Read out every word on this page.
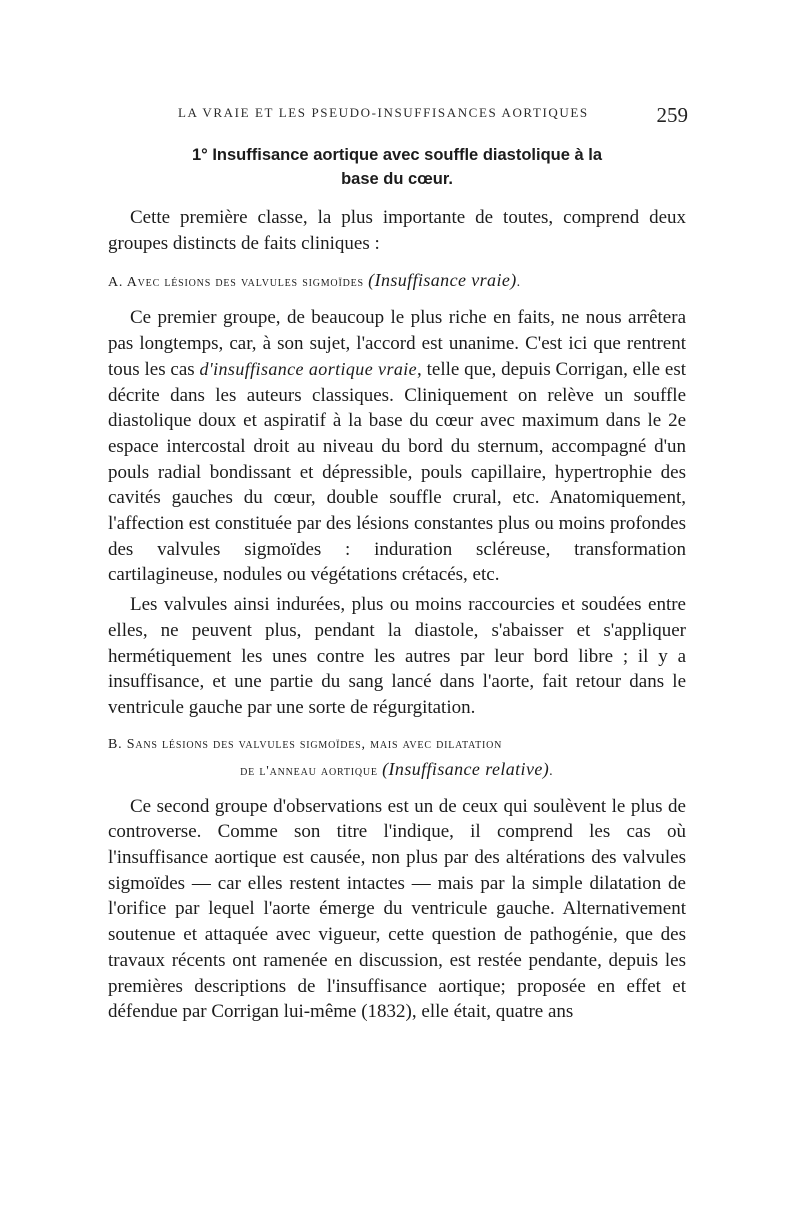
LA VRAIE ET LES PSEUDO-INSUFFISANCES AORTIQUES	259
1° Insuffisance aortique avec souffle diastolique à la
base du cœur.

Cette première classe, la plus importante de toutes, comprend deux groupes distincts de faits cliniques :

A. Avec lésions des valvules sigmoïdes (Insuffisance vraie).

Ce premier groupe, de beaucoup le plus riche en faits, ne nous arrêtera pas longtemps, car, à son sujet, l'accord est unanime. C'est ici que rentrent tous les cas d'insuffisance aortique vraie, telle que, depuis Corrigan, elle est décrite dans les auteurs classiques. Cliniquement on relève un souffle diastolique doux et aspiratif à la base du cœur avec maximum dans le 2e espace intercostal droit au niveau du bord du sternum, accompagné d'un pouls radial bondissant et dépressible, pouls capillaire, hypertrophie des cavités gauches du cœur, double souffle crural, etc. Anatomiquement, l'affection est constituée par des lésions constantes plus ou moins profondes des valvules sigmoïdes : induration scléreuse, transformation cartilagineuse, nodules ou végétations crétacés, etc.

Les valvules ainsi indurées, plus ou moins raccourcies et soudées entre elles, ne peuvent plus, pendant la diastole, s'abaisser et s'appliquer hermétiquement les unes contre les autres par leur bord libre ; il y a insuffisance, et une partie du sang lancé dans l'aorte, fait retour dans le ventricule gauche par une sorte de régurgitation.

B. Sans lésions des valvules sigmoïdes, mais avec dilatation
de l'anneau aortique (Insuffisance relative).

Ce second groupe d'observations est un de ceux qui soulèvent le plus de controverse. Comme son titre l'indique, il comprend les cas où l'insuffisance aortique est causée, non plus par des altérations des valvules sigmoïdes — car elles restent intactes — mais par la simple dilatation de l'orifice par lequel l'aorte émerge du ventricule gauche. Alternativement soutenue et attaquée avec vigueur, cette question de pathogénie, que des travaux récents ont ramenée en discussion, est restée pendante, depuis les premières descriptions de l'insuffisance aortique; proposée en effet et défendue par Corrigan lui-même (1832), elle était, quatre ans
